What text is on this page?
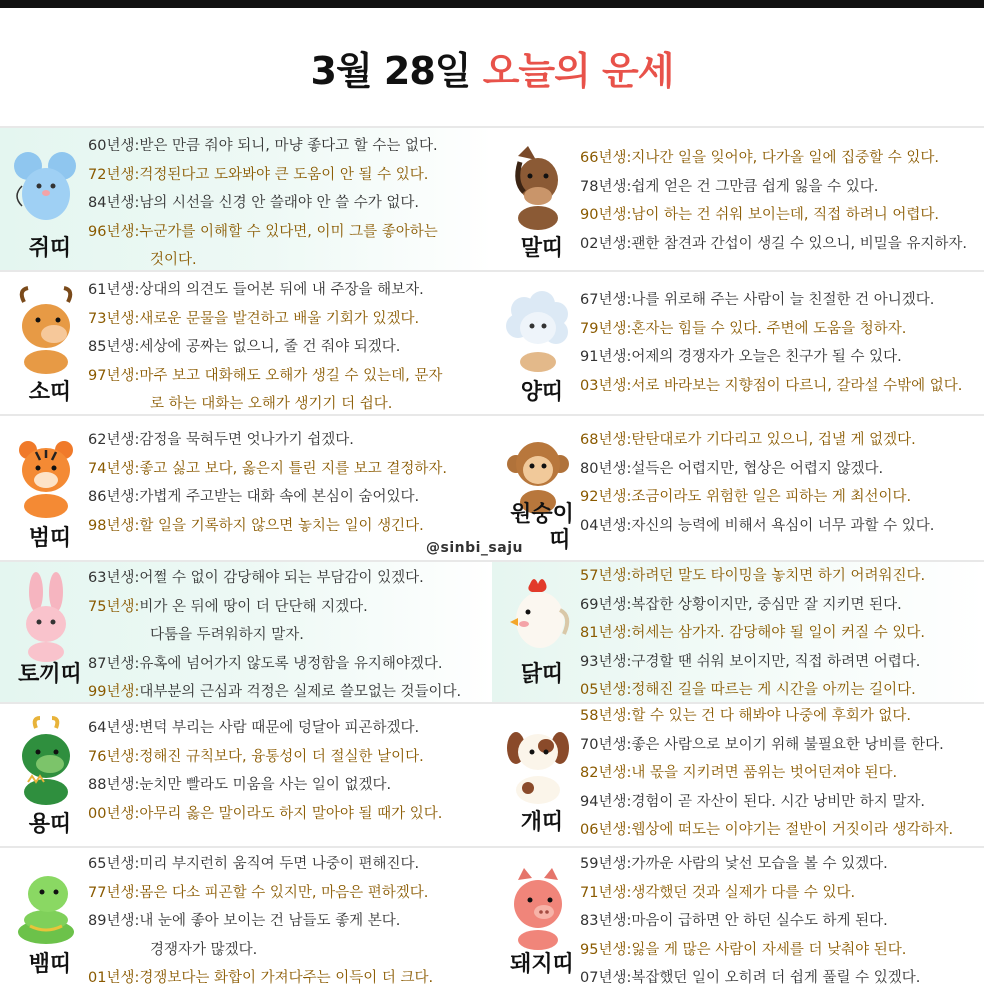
3월 28일 오늘의 운세
쥐띠
60년생: 받은 만큼 줘야 되니, 마냥 좋다고 할 수는 없다.
72년생: 걱정된다고 도와봐야 큰 도움이 안 될 수 있다.
84년생: 남의 시선을 신경 안 쓸래야 안 쓸 수가 없다.
96년생: 누군가를 이해할 수 있다면, 이미 그를 좋아하는
것이다.	말띠
66년생: 지나간 일을 잊어야, 다가올 일에 집중할 수 있다.
78년생: 쉽게 얻은 건 그만큼 쉽게 잃을 수 있다.
90년생: 남이 하는 건 쉬워 보이는데, 직접 하려니 어렵다.
02년생: 괜한 참견과 간섭이 생길 수 있으니, 비밀을 유지하자.
소띠
61년생: 상대의 의견도 들어본 뒤에 내 주장을 해보자.
73년생: 새로운 문물을 발견하고 배울 기회가 있겠다.
85년생: 세상에 공짜는 없으니, 줄 건 줘야 되겠다.
97년생: 마주 보고 대화해도 오해가 생길 수 있는데, 문자
로 하는 대화는 오해가 생기기 더 쉽다.	양띠
67년생: 나를 위로해 주는 사람이 늘 친절한 건 아니겠다.
79년생: 혼자는 힘들 수 있다. 주변에 도움을 청하자.
91년생: 어제의 경쟁자가 오늘은 친구가 될 수 있다.
03년생: 서로 바라보는 지향점이 다르니, 갈라설 수밖에 없다.
범띠
62년생: 감정을 묵혀두면 엇나가기 쉽겠다.
74년생: 좋고 싫고 보다, 옳은지 틀린 지를 보고 결정하자.
86년생: 가볍게 주고받는 대화 속에 본심이 숨어있다.
98년생: 할 일을 기록하지 않으면 놓치는 일이 생긴다.	원숭이
띠
68년생: 탄탄대로가 기다리고 있으니, 겁낼 게 없겠다.
80년생: 설득은 어렵지만, 협상은 어렵지 않겠다.
92년생: 조금이라도 위험한 일은 피하는 게 최선이다.
04년생: 자신의 능력에 비해서 욕심이 너무 과할 수 있다.
토끼띠
63년생: 어쩔 수 없이 감당해야 되는 부담감이 있겠다.
75년생: 비가 온 뒤에 땅이 더 단단해 지겠다.
다툼을 두려워하지 말자.
87년생: 유혹에 넘어가지 않도록 냉정함을 유지해야겠다.
99년생: 대부분의 근심과 걱정은 실제로 쓸모없는 것들이다.
닭띠
57년생: 하려던 말도 타이밍을 놓치면 하기 어려워진다.
69년생: 복잡한 상황이지만, 중심만 잘 지키면 된다.
81년생: 허세는 삼가자. 감당해야 될 일이 커질 수 있다.
93년생: 구경할 땐 쉬워 보이지만, 직접 하려면 어렵다.
05년생: 정해진 길을 따르는 게 시간을 아끼는 길이다.
용띠
64년생: 변덕 부리는 사람 때문에 덩달아 피곤하겠다.
76년생: 정해진 규칙보다, 융통성이 더 절실한 날이다.
88년생: 눈치만 빨라도 미움을 사는 일이 없겠다.
00년생: 아무리 옳은 말이라도 하지 말아야 될 때가 있다.	개띠
58년생: 할 수 있는 건 다 해봐야 나중에 후회가 없다.
70년생: 좋은 사람으로 보이기 위해 불필요한 낭비를 한다.
82년생: 내 몫을 지키려면 품위는 벗어던져야 된다.
94년생: 경험이 곧 자산이 된다. 시간 낭비만 하지 말자.
06년생: 웹상에 떠도는 이야기는 절반이 거짓이라 생각하자.
뱀띠
65년생: 미리 부지런히 움직여 두면 나중이 편해진다.
77년생: 몸은 다소 피곤할 수 있지만, 마음은 편하겠다.
89년생: 내 눈에 좋아 보이는 건 남들도 좋게 본다.
경쟁자가 많겠다.
01년생: 경쟁보다는 화합이 가져다주는 이득이 더 크다.
돼지띠
59년생: 가까운 사람의 낯선 모습을 볼 수 있겠다.
71년생: 생각했던 것과 실제가 다를 수 있다.
83년생: 마음이 급하면 안 하던 실수도 하게 된다.
95년생: 잃을 게 많은 사람이 자세를 더 낮춰야 된다.
07년생: 복잡했던 일이 오히려 더 쉽게 풀릴 수 있겠다.
@sinbi_saju
